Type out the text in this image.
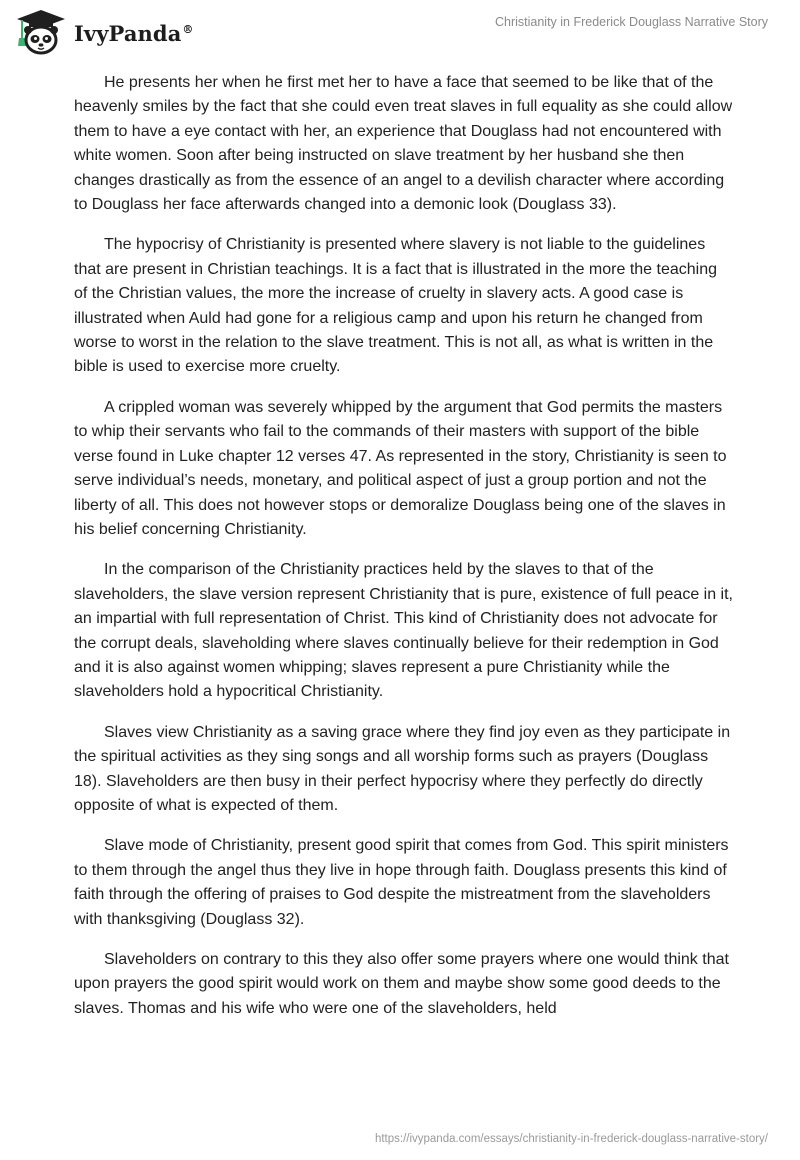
IvyPanda®	Christianity in Frederick Douglass Narrative Story

He presents her when he first met her to have a face that seemed to be like that of the heavenly smiles by the fact that she could even treat slaves in full equality as she could allow them to have a eye contact with her, an experience that Douglass had not encountered with white women. Soon after being instructed on slave treatment by her husband she then changes drastically as from the essence of an angel to a devilish character where according to Douglass her face afterwards changed into a demonic look (Douglass 33).

The hypocrisy of Christianity is presented where slavery is not liable to the guidelines that are present in Christian teachings. It is a fact that is illustrated in the more the teaching of the Christian values, the more the increase of cruelty in slavery acts. A good case is illustrated when Auld had gone for a religious camp and upon his return he changed from worse to worst in the relation to the slave treatment. This is not all, as what is written in the bible is used to exercise more cruelty.

A crippled woman was severely whipped by the argument that God permits the masters to whip their servants who fail to the commands of their masters with support of the bible verse found in Luke chapter 12 verses 47. As represented in the story, Christianity is seen to serve individual’s needs, monetary, and political aspect of just a group portion and not the liberty of all. This does not however stops or demoralize Douglass being one of the slaves in his belief concerning Christianity.

In the comparison of the Christianity practices held by the slaves to that of the slaveholders, the slave version represent Christianity that is pure, existence of full peace in it, an impartial with full representation of Christ. This kind of Christianity does not advocate for the corrupt deals, slaveholding where slaves continually believe for their redemption in God and it is also against women whipping; slaves represent a pure Christianity while the slaveholders hold a hypocritical Christianity.

Slaves view Christianity as a saving grace where they find joy even as they participate in the spiritual activities as they sing songs and all worship forms such as prayers (Douglass 18). Slaveholders are then busy in their perfect hypocrisy where they perfectly do directly opposite of what is expected of them.

Slave mode of Christianity, present good spirit that comes from God. This spirit ministers to them through the angel thus they live in hope through faith. Douglass presents this kind of faith through the offering of praises to God despite the mistreatment from the slaveholders with thanksgiving (Douglass 32).

Slaveholders on contrary to this they also offer some prayers where one would think that upon prayers the good spirit would work on them and maybe show some good deeds to the slaves. Thomas and his wife who were one of the slaveholders, held

https://ivypanda.com/essays/christianity-in-frederick-douglass-narrative-story/
